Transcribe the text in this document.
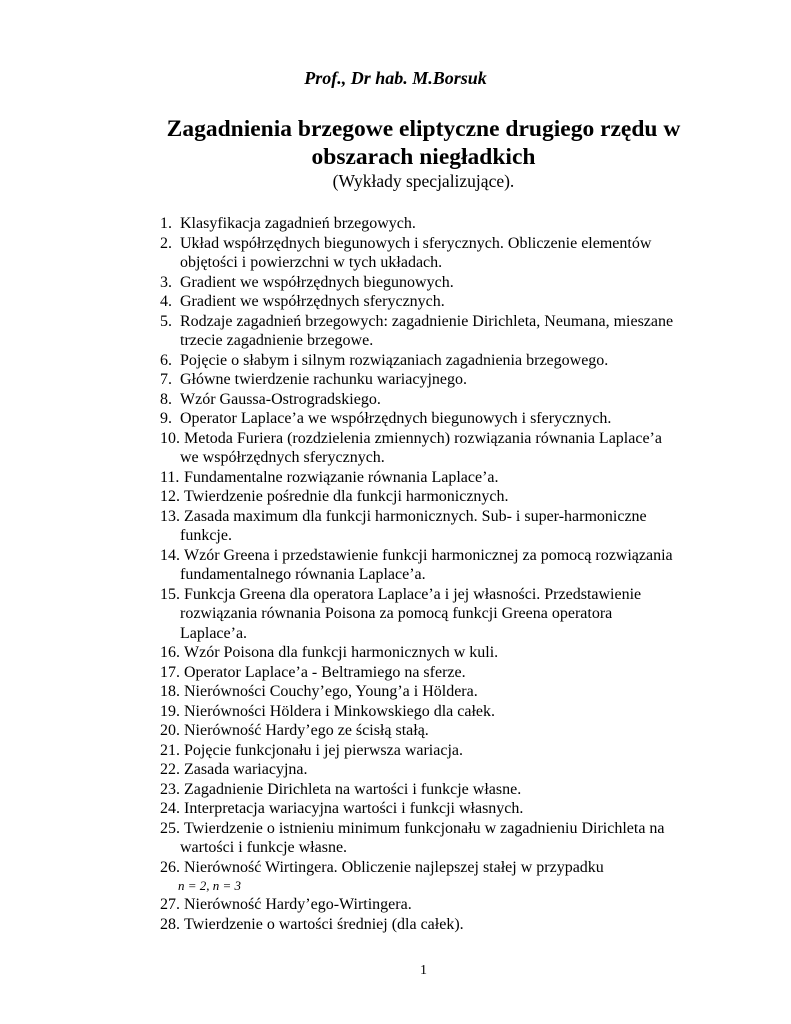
Prof., Dr hab. M.Borsuk
Zagadnienia brzegowe eliptyczne drugiego rzędu w
obszarach niegładkich
(Wykłady specjalizujące).
1. Klasyfikacja zagadnień brzegowych.
2. Układ współrzędnych biegunowych i sferycznych. Obliczenie elementów
objętości i powierzchni w tych układach.
3. Gradient we współrzędnych biegunowych.
4. Gradient we współrzędnych sferycznych.
5. Rodzaje zagadnień brzegowych: zagadnienie Dirichleta, Neumana, mieszane
trzecie zagadnienie brzegowe.
6. Pojęcie o słabym i silnym rozwiązaniach zagadnienia brzegowego.
7. Główne twierdzenie rachunku wariacyjnego.
8. Wzór Gaussa-Ostrogradskiego.
9. Operator Laplace’a we współrzędnych biegunowych i sferycznych.
10. Metoda Furiera (rozdzielenia zmiennych) rozwiązania równania Laplace’a
we współrzędnych sferycznych.
11. Fundamentalne rozwiązanie równania Laplace’a.
12. Twierdzenie pośrednie dla funkcji harmonicznych.
13. Zasada maximum dla funkcji harmonicznych. Sub- i super-harmoniczne
funkcje.
14. Wzór Greena i przedstawienie funkcji harmonicznej za pomocą rozwiązania
fundamentalnego równania Laplace’a.
15. Funkcja Greena dla operatora Laplace’a i jej własności. Przedstawienie
rozwiązania równania Poisona za pomocą funkcji Greena operatora
Laplace’a.
16. Wzór Poisona dla funkcji harmonicznych w kuli.
17. Operator Laplace’a - Beltramiego na sferze.
18. Nierówności Couchy’ego, Young’a i Höldera.
19. Nierówności Höldera i Minkowskiego dla całek.
20. Nierówność Hardy’ego ze ścisłą stałą.
21. Pojęcie funkcjonału i jej pierwsza wariacja.
22. Zasada wariacyjna.
23. Zagadnienie Dirichleta na wartości i funkcje własne.
24. Interpretacja wariacyjna wartości i funkcji własnych.
25. Twierdzenie o istnieniu minimum funkcjonału w zagadnieniu Dirichleta na
wartości i funkcje własne.
26. Nierówność Wirtingera. Obliczenie najlepszej stałej w przypadku
n = 2, n = 3
27. Nierówność Hardy’ego-Wirtingera.
28. Twierdzenie o wartości średniej (dla całek).
1
